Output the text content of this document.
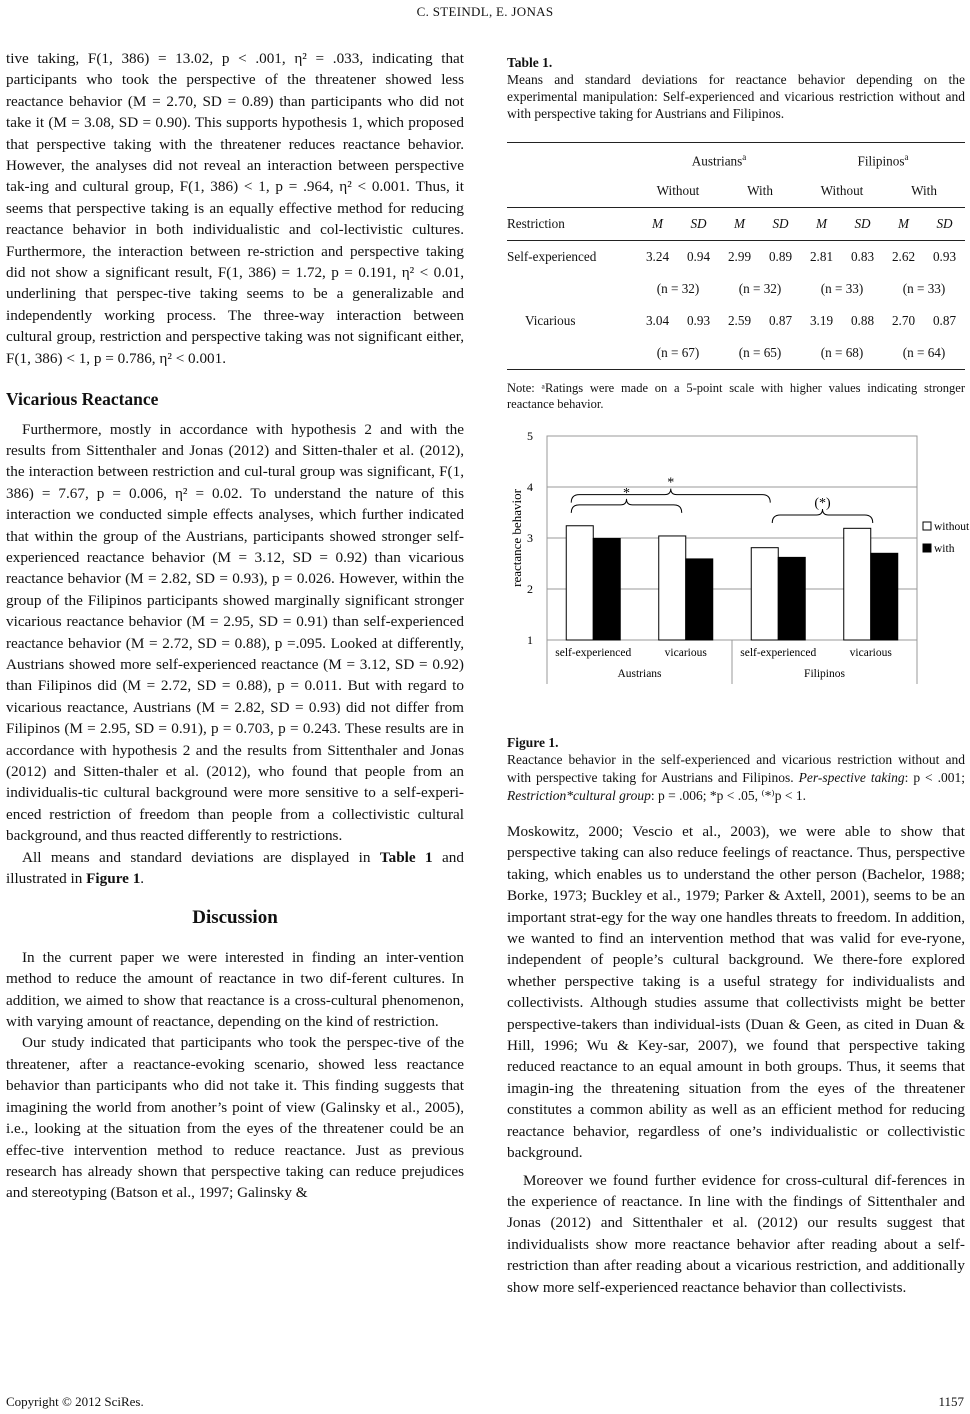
C. STEINDL, E. JONAS

tive taking, F(1, 386) = 13.02, p < .001, η² = .033, indicating that participants who took the perspective of the threatener showed less reactance behavior (M = 2.70, SD = 0.89) than participants who did not take it (M = 3.08, SD = 0.90). This supports hypothesis 1, which proposed that perspective taking with the threatener reduces reactance behavior. However, the analyses did not reveal an interaction between perspective tak-ing and cultural group, F(1, 386) < 1, p = .964, η² < 0.001. Thus, it seems that perspective taking is an equally effective method for reducing reactance behavior in both individualistic and col-lectivistic cultures. Furthermore, the interaction between re-striction and perspective taking did not show a significant result, F(1, 386) = 1.72, p = 0.191, η² < 0.01, underlining that perspec-tive taking seems to be a generalizable and independently working process. The three-way interaction between cultural group, restriction and perspective taking was not significant either, F(1, 386) < 1, p = 0.786, η² < 0.001.

Vicarious Reactance

Furthermore, mostly in accordance with hypothesis 2 and with the results from Sittenthaler and Jonas (2012) and Sitten-thaler et al. (2012), the interaction between restriction and cul-tural group was significant, F(1, 386) = 7.67, p = 0.006, η² = 0.02. To understand the nature of this interaction we conducted simple effects analyses, which further indicated that within the group of the Austrians, participants showed stronger self-experienced reactance behavior (M = 3.12, SD = 0.92) than vicarious reactance behavior (M = 2.82, SD = 0.93), p = 0.026. However, within the group of the Filipinos participants showed marginally significant stronger vicarious reactance behavior (M = 2.95, SD = 0.91) than self-experienced reactance behavior (M = 2.72, SD = 0.88), p =.095. Looked at differently, Austrians showed more self-experienced reactance (M = 3.12, SD = 0.92) than Filipinos did (M = 2.72, SD = 0.88), p = 0.011. But with regard to vicarious reactance, Austrians (M = 2.82, SD = 0.93) did not differ from Filipinos (M = 2.95, SD = 0.91), p = 0.703, p = 0.243. These results are in accordance with hypothesis 2 and the results from Sittenthaler and Jonas (2012) and Sitten-thaler et al. (2012), who found that people from an individualis-tic cultural background were more sensitive to a self-experi-enced restriction of freedom than people from a collectivistic cultural background, and thus reacted differently to restrictions.

All means and standard deviations are displayed in Table 1 and illustrated in Figure 1.

Discussion

In the current paper we were interested in finding an inter-vention method to reduce the amount of reactance in two dif-ferent cultures. In addition, we aimed to show that reactance is a cross-cultural phenomenon, with varying amount of reactance, depending on the kind of restriction.

Our study indicated that participants who took the perspec-tive of the threatener, after a reactance-evoking scenario, showed less reactance behavior than participants who did not take it. This finding suggests that imagining the world from another’s point of view (Galinsky et al., 2005), i.e., looking at the situation from the eyes of the threatener could be an effec-tive intervention method to reduce reactance. Just as previous research has already shown that perspective taking can reduce prejudices and stereotyping (Batson et al., 1997; Galinsky &

Table 1.
Means and standard deviations for reactance behavior depending on the experimental manipulation: Self-experienced and vicarious restriction without and with perspective taking for Austrians and Filipinos.
	Austrians$^a$				Filipinos$^a$
	Without		With		Without		With	
Restriction	M	SD	M	SD	M	SD	M	SD
Self-experienced	3.24	0.94	2.99	0.89	2.81	0.83	2.62	0.93
	(n = 32)		(n = 32)		(n = 33)		(n = 33)	
Vicarious	3.04	0.93	2.59	0.87	3.19	0.88	2.70	0.87
	(n = 67)		(n = 65)		(n = 68)		(n = 64)	
Note: ᵃRatings were made on a 5-point scale with higher values indicating stronger reactance behavior.
1
2
3
4
5
reactance behavior
self-experienced	vicarious	self-experienced	vicarious
Austrians	Filipinos
*
*
(*)
without
with
Figure 1.
Reactance behavior in the self-experienced and vicarious restriction without and with perspective taking for Austrians and Filipinos. Per-spective taking: p < .001; Restriction*cultural group: p = .006; *p < .05, ⁽*⁾p < 1.

Moskowitz, 2000; Vescio et al., 2003), we were able to show that perspective taking can also reduce feelings of reactance. Thus, perspective taking, which enables us to understand the other person (Bachelor, 1988; Borke, 1973; Buckley et al., 1979; Parker & Axtell, 2001), seems to be an important strat-egy for the way one handles threats to freedom. In addition, we wanted to find an intervention method that was valid for eve-ryone, independent of people’s cultural background. We there-fore explored whether perspective taking is a useful strategy for individualists and collectivists. Although studies assume that collectivists might be better perspective-takers than individual-ists (Duan & Geen, as cited in Duan & Hill, 1996; Wu & Key-sar, 2007), we found that perspective taking reduced reactance to an equal amount in both groups. Thus, it seems that imagin-ing the threatening situation from the eyes of the threatener constitutes a common ability as well as an efficient method for reducing reactance behavior, regardless of one’s individualistic or collectivistic background.

Moreover we found further evidence for cross-cultural dif-ferences in the experience of reactance. In line with the findings of Sittenthaler and Jonas (2012) and Sittenthaler et al. (2012) our results suggest that individualists show more reactance behavior after reading about a self-restriction than after reading about a vicarious restriction, and additionally show more self-experienced reactance behavior than collectivists.

Copyright © 2012 SciRes.	1157
